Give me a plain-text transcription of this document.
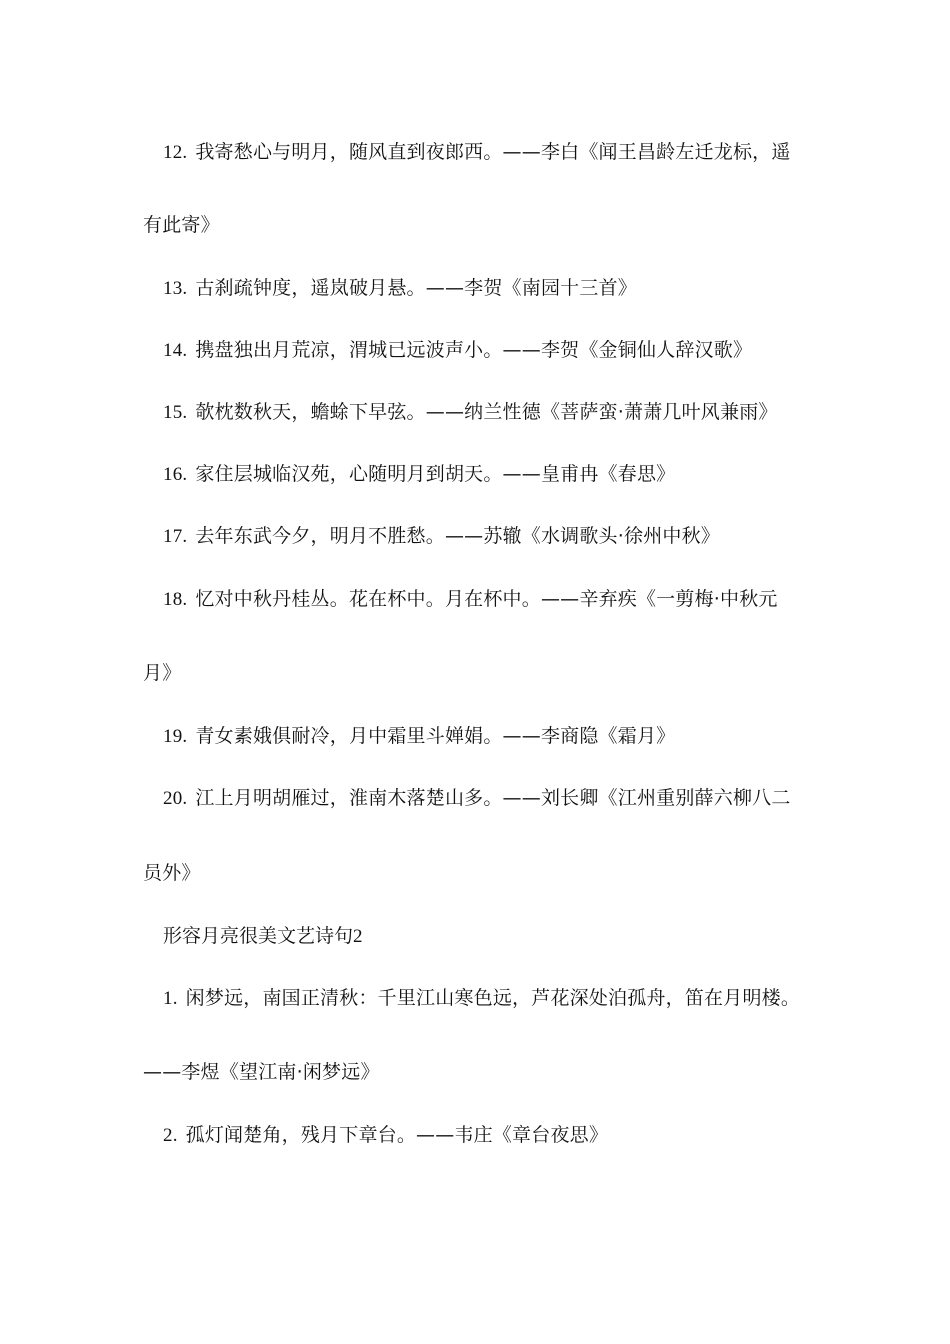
12. 我寄愁心与明月，随风直到夜郎西。——李白《闻王昌龄左迁龙标，遥
有此寄》
13. 古刹疏钟度，遥岚破月悬。——李贺《南园十三首》
14. 携盘独出月荒凉，渭城已远波声小。——李贺《金铜仙人辞汉歌》
15. 欹枕数秋天，蟾蜍下早弦。——纳兰性德《菩萨蛮·萧萧几叶风兼雨》
16. 家住层城临汉苑，心随明月到胡天。——皇甫冉《春思》
17. 去年东武今夕，明月不胜愁。——苏辙《水调歌头·徐州中秋》
18. 忆对中秋丹桂丛。花在杯中。月在杯中。——辛弃疾《一剪梅·中秋元
月》
19. 青女素娥俱耐冷，月中霜里斗婵娟。——李商隐《霜月》
20. 江上月明胡雁过，淮南木落楚山多。——刘长卿《江州重别薛六柳八二
员外》
形容月亮很美文艺诗句2
1. 闲梦远，南国正清秋：千里江山寒色远，芦花深处泊孤舟，笛在月明楼。
——李煜《望江南·闲梦远》
2. 孤灯闻楚角，残月下章台。——韦庄《章台夜思》
